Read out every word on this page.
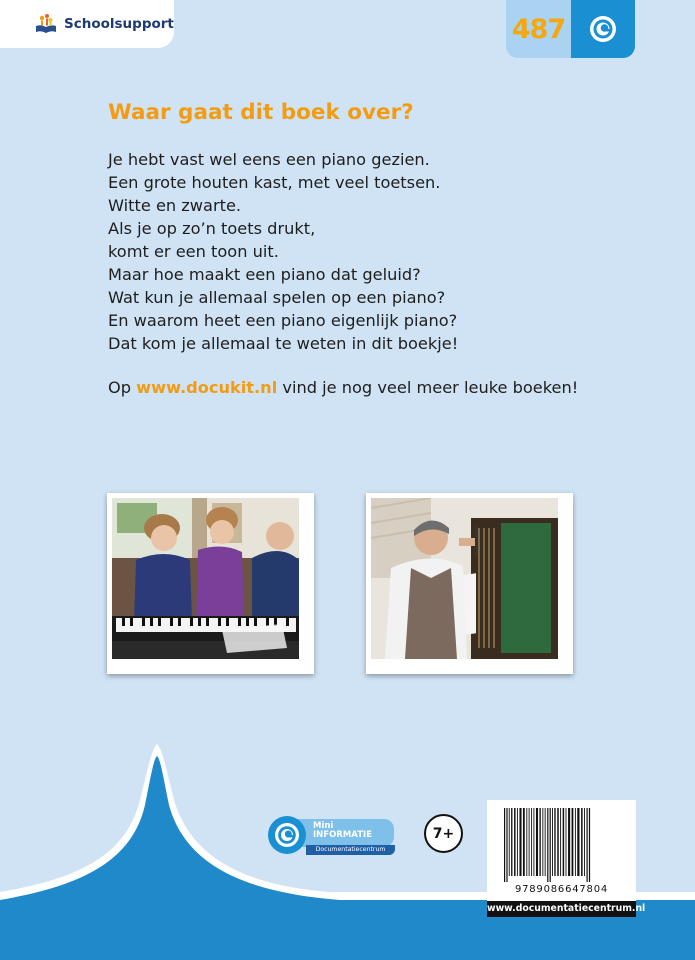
Schoolsupport	487
Waar gaat dit boek over?
Je hebt vast wel eens een piano gezien.
Een grote houten kast, met veel toetsen.
Witte en zwarte.
Als je op zo’n toets drukt,
komt er een toon uit.
Maar hoe maakt een piano dat geluid?
Wat kun je allemaal spelen op een piano?
En waarom heet een piano eigenlijk piano?
Dat kom je allemaal te weten in dit boekje!

Op www.docukit.nl vind je nog veel meer leuke boeken!

Mini
INFORMATIE
Documentatiecentrum
7+
9789086647804
www.documentatiecentrum.nl
